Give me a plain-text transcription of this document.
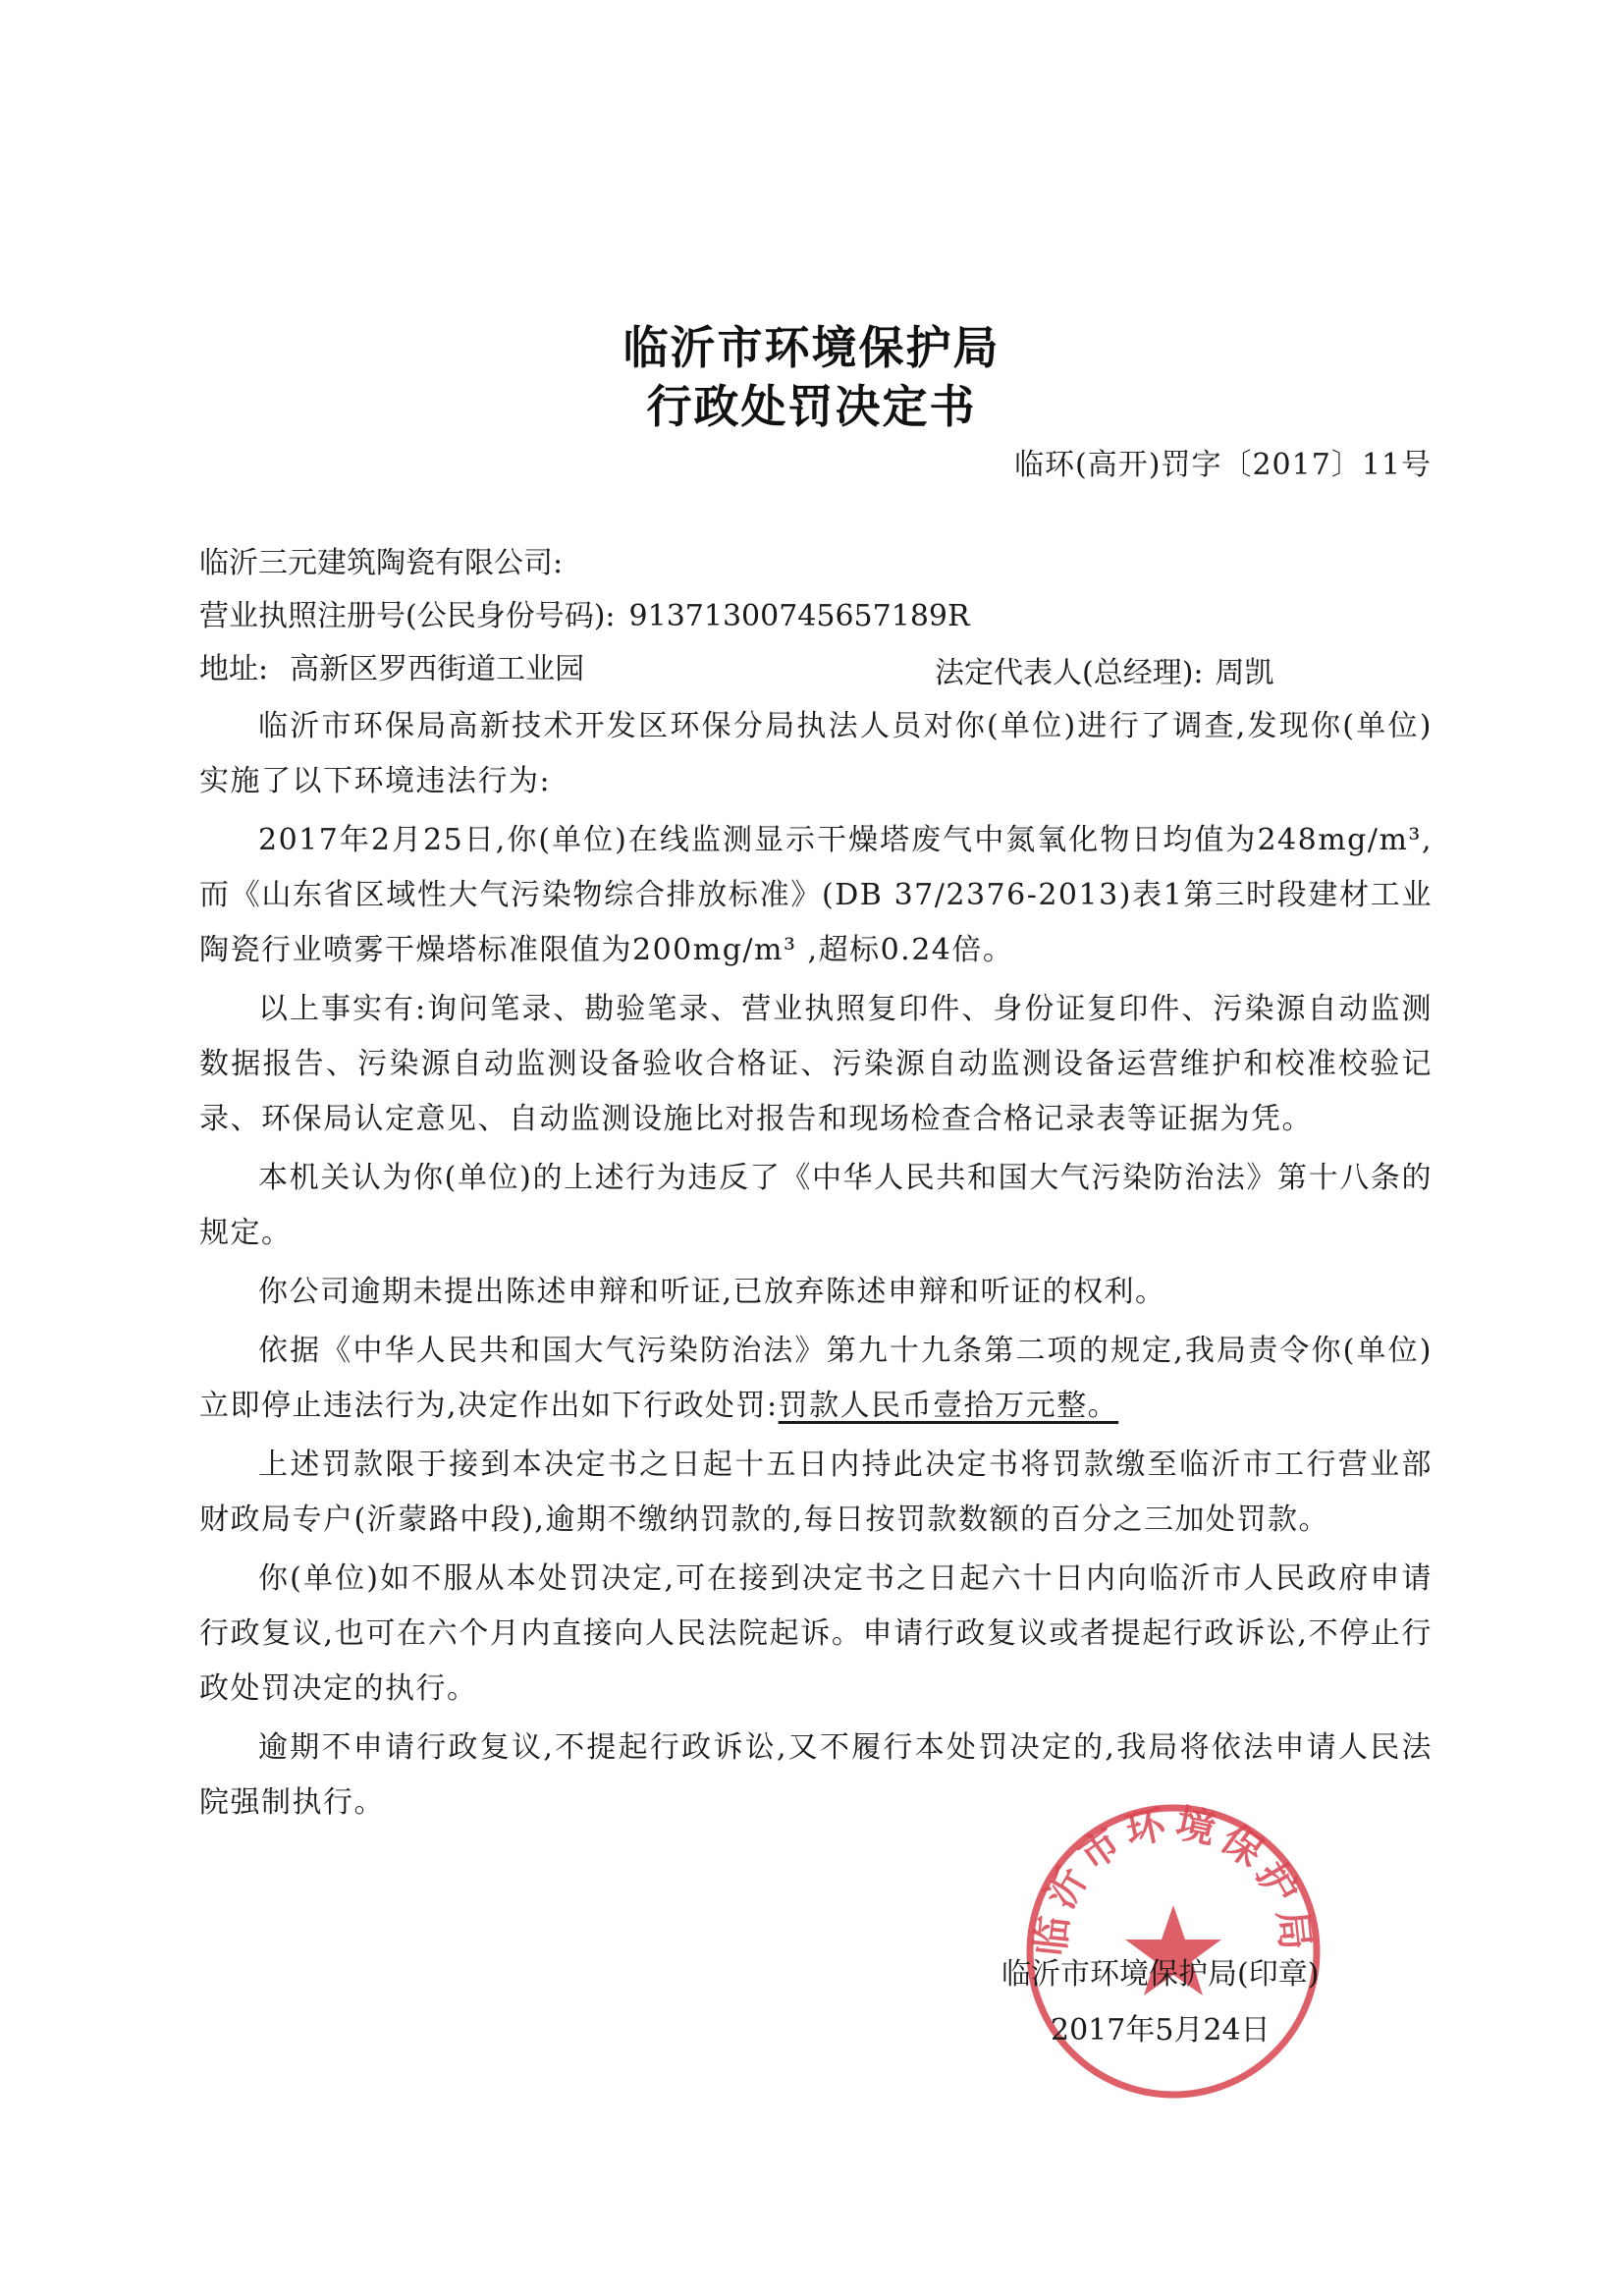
临沂市环境保护局
行政处罚决定书
临环(高开)罚字〔2017〕11号
临沂三元建筑陶瓷有限公司:
营业执照注册号(公民身份号码): 91371300745657189R
地址: 高新区罗西街道工业园	法定代表人(总经理): 周凯

临沂市环保局高新技术开发区环保分局执法人员对你(单位)进行了调查,发现你(单位)实施了以下环境违法行为:

2017年2月25日,你(单位)在线监测显示干燥塔废气中氮氧化物日均值为248mg/m³,而《山东省区域性大气污染物综合排放标准》(DB 37/2376-2013)表1第三时段建材工业陶瓷行业喷雾干燥塔标准限值为200mg/m³ ,超标0.24倍。

以上事实有:询问笔录、勘验笔录、营业执照复印件、身份证复印件、污染源自动监测数据报告、污染源自动监测设备验收合格证、污染源自动监测设备运营维护和校准校验记录、环保局认定意见、自动监测设施比对报告和现场检查合格记录表等证据为凭。

本机关认为你(单位)的上述行为违反了《中华人民共和国大气污染防治法》第十八条的规定。

你公司逾期未提出陈述申辩和听证,已放弃陈述申辩和听证的权利。

依据《中华人民共和国大气污染防治法》第九十九条第二项的规定,我局责令你(单位)立即停止违法行为,决定作出如下行政处罚:罚款人民币壹拾万元整。

上述罚款限于接到本决定书之日起十五日内持此决定书将罚款缴至临沂市工行营业部财政局专户(沂蒙路中段),逾期不缴纳罚款的,每日按罚款数额的百分之三加处罚款。

你(单位)如不服从本处罚决定,可在接到决定书之日起六十日内向临沂市人民政府申请行政复议,也可在六个月内直接向人民法院起诉。申请行政复议或者提起行政诉讼,不停止行政处罚决定的执行。

逾期不申请行政复议,不提起行政诉讼,又不履行本处罚决定的,我局将依法申请人民法院强制执行。

临沂市环境保护局
临沂市环境保护局(印章)
2017年5月24日
